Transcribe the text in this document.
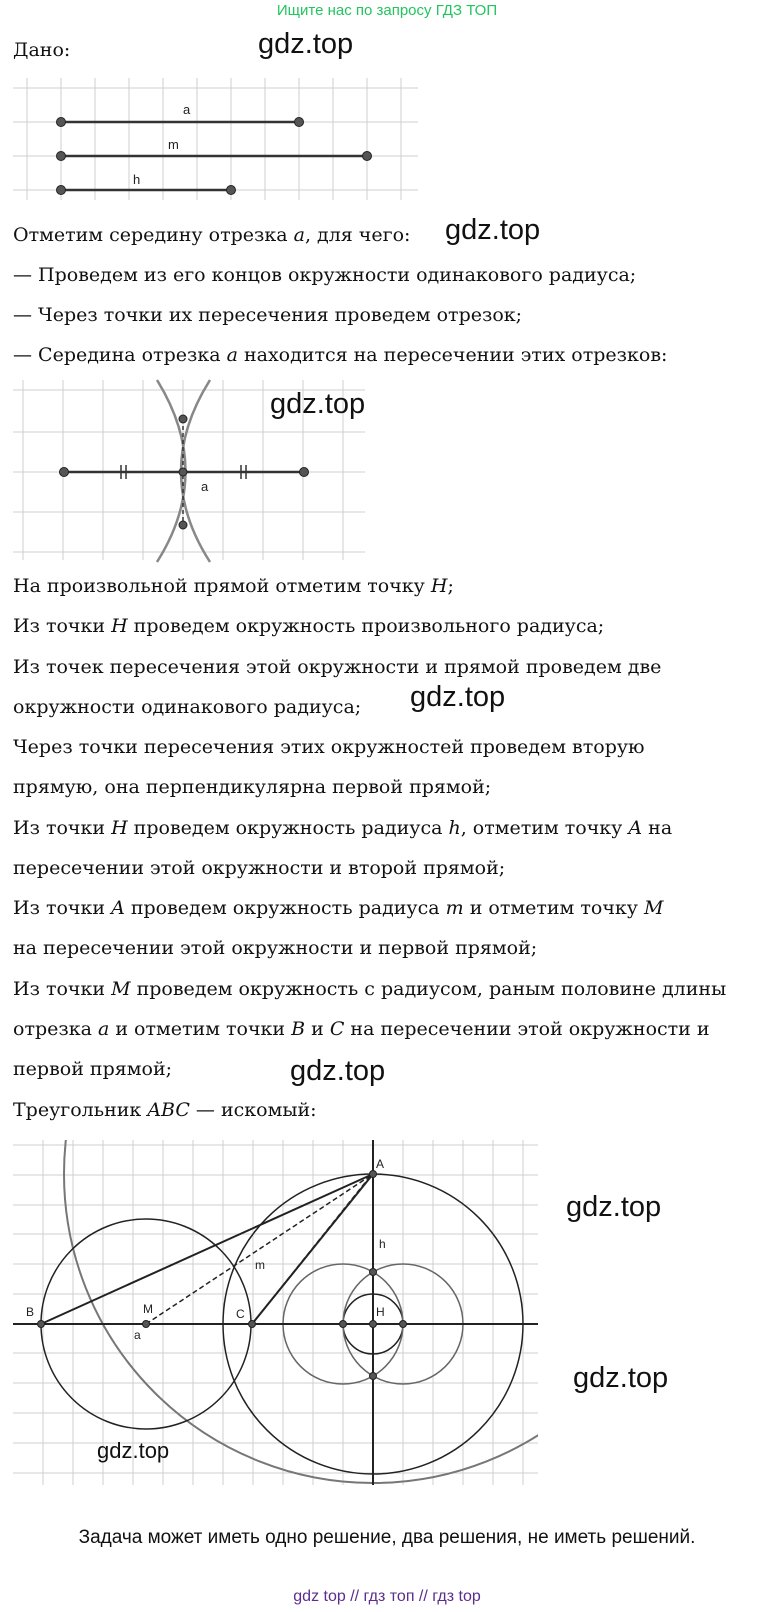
Ищите нас по запросу ГДЗ ТОП
Дано:	gdz.top
a
m
h
Отметим середину отрезка a, для чего: gdz.top
— Проведем из его концов окружности одинакового радиуса;
— Через точки их пересечения проведем отрезок;
— Середина отрезка a находится на пересечении этих отрезков:
a
gdz.top
На произвольной прямой отметим точку H;
Из точки H проведем окружность произвольного радиуса;
Из точек пересечения этой окружности и прямой проведем две
окружности одинакового радиуса; gdz.top
Через точки пересечения этих окружностей проведем вторую
прямую, она перпендикулярна первой прямой;
Из точки H проведем окружность радиуса h, отметим точку A на
пересечении этой окружности и второй прямой;
Из точки A проведем окружность радиуса m и отметим точку M
на пересечении этой окружности и первой прямой;
Из точки M проведем окружность с радиусом, раным половине длины
отрезка a и отметим точки B и C на пересечении этой окружности и
первой прямой;	gdz.top
Треугольник ABC — искомый:
A
B	M	C	H
h
m
a
gdz.top
gdz.top
gdz.top
Задача может иметь одно решение, два решения, не иметь решений.
gdz top // гдз топ // гдз top
